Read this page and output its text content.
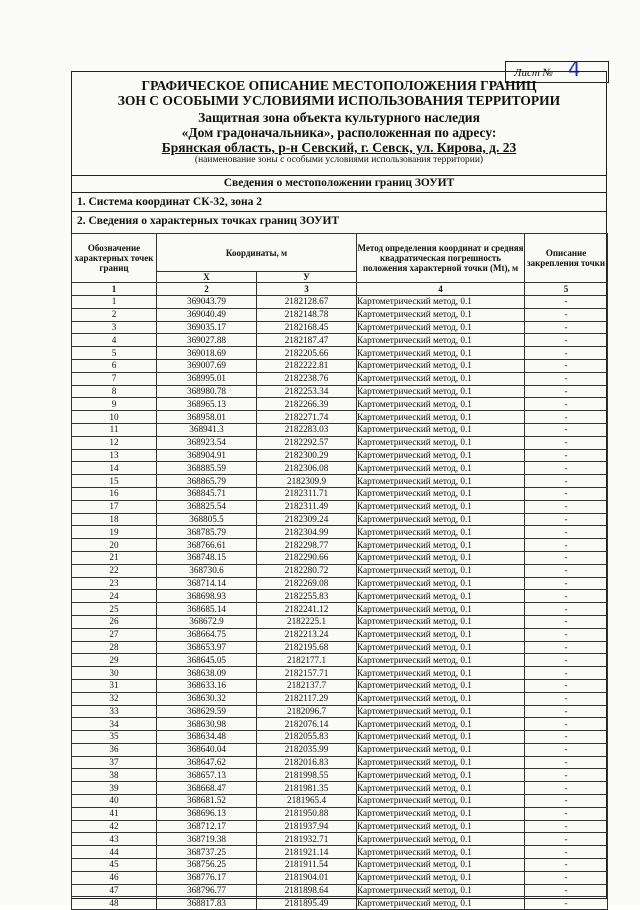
Лист № 4
ГРАФИЧЕСКОЕ ОПИСАНИЕ МЕСТОПОЛОЖЕНИЯ ГРАНИЦ
ЗОН С ОСОБЫМИ УСЛОВИЯМИ ИСПОЛЬЗОВАНИЯ ТЕРРИТОРИИ
Защитная зона объекта культурного наследия
«Дом градоначальника», расположенная по адресу:
Брянская область, р-н Севский, г. Севск, ул. Кирова, д. 23
(наименование зоны с особыми условиями использования территории)
Сведения о местоположении границ ЗОУИТ
1. Система координат СК-32, зона 2
2. Сведения о характерных точках границ ЗОУИТ
Обозначение характерных точек границ	Координаты, м		Метод определения координат и средняя квадратическая погрешность положения характерной точки (Mt), м	Описание закрепления точки
	X	У		
1	2	3	4	5
1	369043.79	2182128.67	Картометрический метод, 0.1	-
2	369040.49	2182148.78	Картометрический метод, 0.1	-
3	369035.17	2182168.45	Картометрический метод, 0.1	-
4	369027.88	2182187.47	Картометрический метод, 0.1	-
5	369018.69	2182205.66	Картометрический метод, 0.1	-
6	369007.69	2182222.81	Картометрический метод, 0.1	-
7	368995.01	2182238.76	Картометрический метод, 0.1	-
8	368980.78	2182253.34	Картометрический метод, 0.1	-
9	368965.13	2182266.39	Картометрический метод, 0.1	-
10	368958.01	2182271.74	Картометрический метод, 0.1	-
11	368941.3	2182283.03	Картометрический метод, 0.1	-
12	368923.54	2182292.57	Картометрический метод, 0.1	-
13	368904.91	2182300.29	Картометрический метод, 0.1	-
14	368885.59	2182306.08	Картометрический метод, 0.1	-
15	368865.79	2182309.9	Картометрический метод, 0.1	-
16	368845.71	2182311.71	Картометрический метод, 0.1	-
17	368825.54	2182311.49	Картометрический метод, 0.1	-
18	368805.5	2182309.24	Картометрический метод, 0.1	-
19	368785.79	2182304.99	Картометрический метод, 0.1	-
20	368766.61	2182298.77	Картометрический метод, 0.1	-
21	368748.15	2182290.66	Картометрический метод, 0.1	-
22	368730.6	2182280.72	Картометрический метод, 0.1	-
23	368714.14	2182269.08	Картометрический метод, 0.1	-
24	368698.93	2182255.83	Картометрический метод, 0.1	-
25	368685.14	2182241.12	Картометрический метод, 0.1	-
26	368672.9	2182225.1	Картометрический метод, 0.1	-
27	368664.75	2182213.24	Картометрический метод, 0.1	-
28	368653.97	2182195.68	Картометрический метод, 0.1	-
29	368645.05	2182177.1	Картометрический метод, 0.1	-
30	368638.09	2182157.71	Картометрический метод, 0.1	-
31	368633.16	2182137.7	Картометрический метод, 0.1	-
32	368630.32	2182117.29	Картометрический метод, 0.1	-
33	368629.59	2182096.7	Картометрический метод, 0.1	-
34	368630.98	2182076.14	Картометрический метод, 0.1	-
35	368634.48	2182055.83	Картометрический метод, 0.1	-
36	368640.04	2182035.99	Картометрический метод, 0.1	-
37	368647.62	2182016.83	Картометрический метод, 0.1	-
38	368657.13	2181998.55	Картометрический метод, 0.1	-
39	368668.47	2181981.35	Картометрический метод, 0.1	-
40	368681.52	2181965.4	Картометрический метод, 0.1	-
41	368696.13	2181950.88	Картометрический метод, 0.1	-
42	368712.17	2181937.94	Картометрический метод, 0.1	-
43	368719.38	2181932.71	Картометрический метод, 0.1	-
44	368737.25	2181921.14	Картометрический метод, 0.1	-
45	368756.25	2181911.54	Картометрический метод, 0.1	-
46	368776.17	2181904.01	Картометрический метод, 0.1	-
47	368796.77	2181898.64	Картометрический метод, 0.1	-
48	368817.83	2181895.49	Картометрический метод, 0.1	-
